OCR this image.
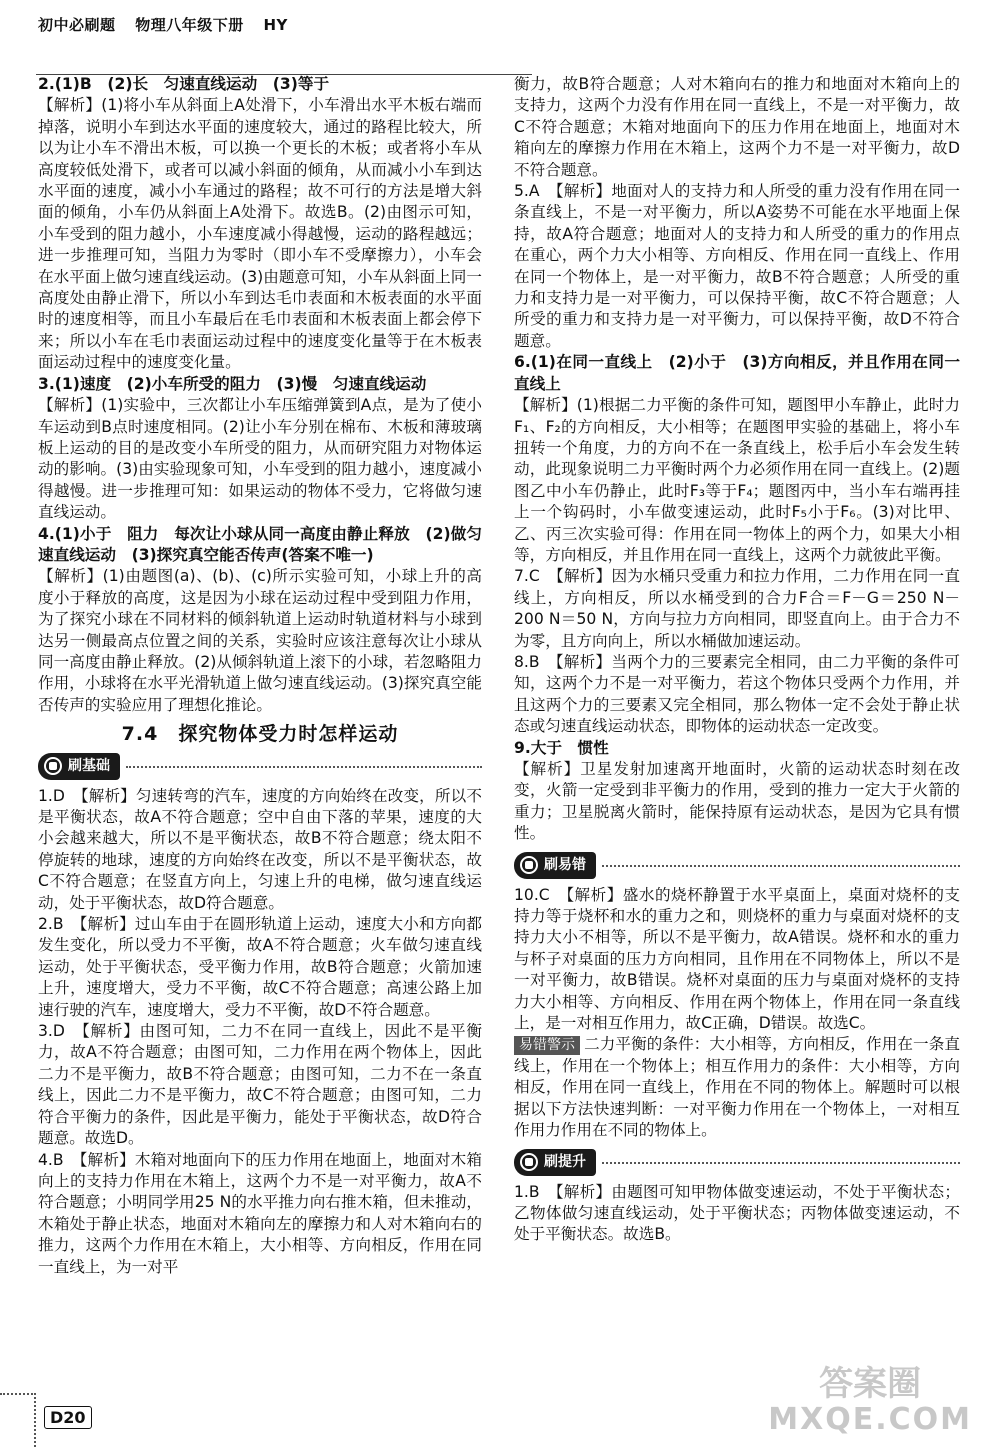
初中必刷题 物理八年级下册 HY

2.(1)B　(2)长　匀速直线运动　(3)等于

【解析】(1)将小车从斜面上A处滑下，小车滑出水平木板右端而掉落，说明小车到达水平面的速度较大，通过的路程比较大，所以为让小车不滑出木板，可以换一个更长的木板；或者将小车从高度较低处滑下，或者可以减小斜面的倾角，从而减小小车到达水平面的速度，减小小车通过的路程；故不可行的方法是增大斜面的倾角，小车仍从斜面上A处滑下。故选B。(2)由图示可知，小车受到的阻力越小，小车速度减小得越慢，运动的路程越远；进一步推理可知，当阻力为零时（即小车不受摩擦力），小车会在水平面上做匀速直线运动。(3)由题意可知，小车从斜面上同一高度处由静止滑下，所以小车到达毛巾表面和木板表面的水平面时的速度相等，而且小车最后在毛巾表面和木板表面上都会停下来；所以小车在毛巾表面运动过程中的速度变化量等于在木板表面运动过程中的速度变化量。

3.(1)速度　(2)小车所受的阻力　(3)慢　匀速直线运动

【解析】(1)实验中，三次都让小车压缩弹簧到A点，是为了使小车运动到B点时速度相同。(2)让小车分别在棉布、木板和薄玻璃板上运动的目的是改变小车所受的阻力，从而研究阻力对物体运动的影响。(3)由实验现象可知，小车受到的阻力越小，速度减小得越慢。进一步推理可知：如果运动的物体不受力，它将做匀速直线运动。

4.(1)小于　阻力　每次让小球从同一高度由静止释放　(2)做匀速直线运动　(3)探究真空能否传声(答案不唯一)

【解析】(1)由题图(a)、(b)、(c)所示实验可知，小球上升的高度小于释放的高度，这是因为小球在运动过程中受到阻力作用，为了探究小球在不同材料的倾斜轨道上运动时轨道材料与小球到达另一侧最高点位置之间的关系，实验时应该注意每次让小球从同一高度由静止释放。(2)从倾斜轨道上滚下的小球，若忽略阻力作用，小球将在水平光滑轨道上做匀速直线运动。(3)探究真空能否传声的实验应用了理想化推论。

7.4　探究物体受力时怎样运动
刷基础

1.D　【解析】匀速转弯的汽车，速度的方向始终在改变，所以不是平衡状态，故A不符合题意；空中自由下落的苹果，速度的大小会越来越大，所以不是平衡状态，故B不符合题意；绕太阳不停旋转的地球，速度的方向始终在改变，所以不是平衡状态，故C不符合题意；在竖直方向上，匀速上升的电梯，做匀速直线运动，处于平衡状态，故D符合题意。

2.B　【解析】过山车由于在圆形轨道上运动，速度大小和方向都发生变化，所以受力不平衡，故A不符合题意；火车做匀速直线运动，处于平衡状态，受平衡力作用，故B符合题意；火箭加速上升，速度增大，受力不平衡，故C不符合题意；高速公路上加速行驶的汽车，速度增大，受力不平衡，故D不符合题意。

3.D　【解析】由图可知，二力不在同一直线上，因此不是平衡力，故A不符合题意；由图可知，二力作用在两个物体上，因此二力不是平衡力，故B不符合题意；由图可知，二力不在一条直线上，因此二力不是平衡力，故C不符合题意；由图可知，二力符合平衡力的条件，因此是平衡力，能处于平衡状态，故D符合题意。故选D。

4.B　【解析】木箱对地面向下的压力作用在地面上，地面对木箱向上的支持力作用在木箱上，这两个力不是一对平衡力，故A不符合题意；小明同学用25 N的水平推力向右推木箱，但未推动，木箱处于静止状态，地面对木箱向左的摩擦力和人对木箱向右的推力，这两个力作用在木箱上，大小相等、方向相反，作用在同一直线上，为一对平

衡力，故B符合题意；人对木箱向右的推力和地面对木箱向上的支持力，这两个力没有作用在同一直线上，不是一对平衡力，故C不符合题意；木箱对地面向下的压力作用在地面上，地面对木箱向左的摩擦力作用在木箱上，这两个力不是一对平衡力，故D不符合题意。

5.A　【解析】地面对人的支持力和人所受的重力没有作用在同一条直线上，不是一对平衡力，所以A姿势不可能在水平地面上保持，故A符合题意；地面对人的支持力和人所受的重力的作用点在重心，两个力大小相等、方向相反、作用在同一直线上、作用在同一个物体上，是一对平衡力，故B不符合题意；人所受的重力和支持力是一对平衡力，可以保持平衡，故C不符合题意；人所受的重力和支持力是一对平衡力，可以保持平衡，故D不符合题意。

6.(1)在同一直线上　(2)小于　(3)方向相反，并且作用在同一直线上

【解析】(1)根据二力平衡的条件可知，题图甲小车静止，此时力F₁、F₂的方向相反，大小相等；在题图甲实验的基础上，将小车扭转一个角度，力的方向不在一条直线上，松手后小车会发生转动，此现象说明二力平衡时两个力必须作用在同一直线上。(2)题图乙中小车仍静止，此时F₃等于F₄；题图丙中，当小车右端再挂上一个钩码时，小车做变速运动，此时F₅小于F₆。(3)对比甲、乙、丙三次实验可得：作用在同一物体上的两个力，如果大小相等，方向相反，并且作用在同一直线上，这两个力就彼此平衡。

7.C　【解析】因为水桶只受重力和拉力作用，二力作用在同一直线上，方向相反，所以水桶受到的合力F合＝F－G＝250 N－200 N＝50 N，方向与拉力方向相同，即竖直向上。由于合力不为零，且方向向上，所以水桶做加速运动。

8.B　【解析】当两个力的三要素完全相同，由二力平衡的条件可知，这两个力不是一对平衡力，若这个物体只受两个力作用，并且这两个力的三要素又完全相同，那么物体一定不会处于静止状态或匀速直线运动状态，即物体的运动状态一定改变。

9.大于　惯性

【解析】卫星发射加速离开地面时，火箭的运动状态时刻在改变，火箭一定受到非平衡力的作用，受到的推力一定大于火箭的重力；卫星脱离火箭时，能保持原有运动状态，是因为它具有惯性。

刷易错

10.C　【解析】盛水的烧杯静置于水平桌面上，桌面对烧杯的支持力等于烧杯和水的重力之和，则烧杯的重力与桌面对烧杯的支持力大小不相等，所以不是平衡力，故A错误。烧杯和水的重力与杯子对桌面的压力方向相同，且作用在不同物体上，所以不是一对平衡力，故B错误。烧杯对桌面的压力与桌面对烧杯的支持力大小相等、方向相反、作用在两个物体上，作用在同一条直线上，是一对相互作用力，故C正确，D错误。故选C。

易错警示 二力平衡的条件：大小相等，方向相反，作用在一条直线上，作用在一个物体上；相互作用力的条件：大小相等，方向相反，作用在同一直线上，作用在不同的物体上。解题时可以根据以下方法快速判断：一对平衡力作用在一个物体上，一对相互作用力作用在不同的物体上。

刷提升

1.B　【解析】由题图可知甲物体做变速运动，不处于平衡状态；乙物体做匀速直线运动，处于平衡状态；丙物体做变速运动，不处于平衡状态。故选B。

D20
答案圈
MXQE.COM
